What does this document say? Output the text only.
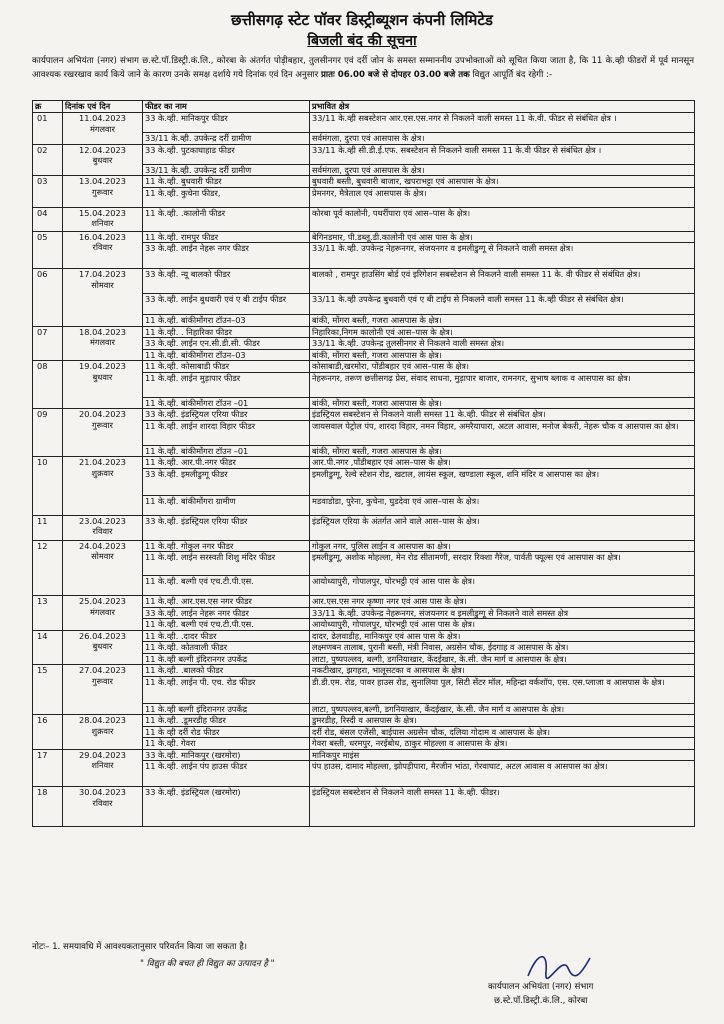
छत्तीसगढ़ स्टेट पॉवर डिस्ट्रीब्यूशन कंपनी लिमिटेड
बिजली बंद की सूचना
कार्यपालन अभियंता (नगर) संभाग छ.स्टे.पॉ.डिस्ट्री.कं.लि., कोरबा के अंतर्गत पोड़ीबहार, तुलसीनगर एवं दर्री जोन के समस्त सम्माननीय उपभोक्ताओं को सूचित किया जाता है, कि 11 के.व्ही फीडरों में पूर्व मानसून आवश्यक रखरखाव कार्य किये जाने के कारण उनके समक्ष दर्शाये गये दिनांक एवं दिन अनुसार प्रातः 06.00 बजे से दोपहर 03.00 बजे तक विद्युत आपूर्ति बंद रहेगी :-
क्र	दिनांक एवं दिन	फीडर का नाम	प्रभावित क्षेत्र
01	11.04.2023
मंगलवार	33 के.व्ही. मानिकपुर फीडर	33/11 के.व्ही सबस्टेशन आर.एस.एस.नगर से निकलने वाली समस्त 11 के.वी. फीडर से संबंधित क्षेत्र ।
		33/11 के.व्ही. उपकेन्द्र दर्री ग्रामीण	सर्वमंगला, दुरपा एवं आसपास के क्षेत्र।
02	12.04.2023
बुधवार	33 के.व्ही. पुटकाघाहाड फीडर	33/11 के.व्ही सी.डी.ई.एफ. सबस्टेशन से निकलने वाली समस्त 11 के.वी फीडर से संबंधित क्षेत्र ।
		33/11 के.व्ही. उपकेन्द्र दर्री ग्रामीण	सर्वमंगला, दुरपा एवं आसपास के क्षेत्र।
03	13.04.2023
गुरूवार	11 के.व्ही. बुधवारी फीडर	बुधवारी बस्ती, बुधवारी बाजार, खपराभट्टा एवं आसपास के क्षेत्र।
		11 के.व्ही. कुचेना फीडर,	प्रेमनगर, मैत्रेताल एवं आसपास के क्षेत्र।
04	15.04.2023
शनिवार	11 के.व्ही. .कालोनी फीडर	कोरबा पूर्व कालोनी, पथर्रीपारा एवं आस–पास के क्षेत्र।
05	16.04.2023
रविवार	11 के.व्ही. रामपुर फीडर	बेगिनडमार, पी.डब्लू.डी.कालोनी एवं आस पास के क्षेत्र।
		33 के.व्ही. लाईन नेहरू नगर फीडर	33/11 के.व्ही. उपकेन्द्र नेहरूनगर, संजयनगर व इमलीडुग्गू से निकलने वाली समस्त क्षेत्र।
06	17.04.2023
सोमवार	33 के.व्ही. न्यू बालको फीडर	बालको , रामपुर हाउसिंग बोर्ड एवं इरिगेशन सबस्टेशन से निकलने वाली समस्त 11 के. वी फीडर से संबंधित क्षेत्र।
		33 के.व्ही. लाईन बुधवारी एवं ए बी टाईप फीडर	33/11 के.व्ही उपकेन्द्र बुधवारी एवं ए बी टाईप से निकलने वाली समस्त 11 के.व्ही फीडर से संबंधित क्षेत्र।
		11 के.व्ही. बांकीमोंगरा टॉउन–03	बांकी, मोंगरा बस्ती, गजरा आसपास के क्षेत्र।
07	18.04.2023
मंगलवार	11 के.व्ही. . निहारिका फीडर	निहारिका,निगम कालोनी एवं आस–पास के क्षेत्र।
		33 के.व्ही. लाईन एन.सी.डी.सी. फीडर	33/11 के.व्ही. उपकेन्द्र तुलसीनगर से निकलने वाली समस्त क्षेत्र।
		11 के.व्ही. बांकीमोंगरा टॉउन–03	बांकी, मोंगरा बस्ती, गजरा आसपास के क्षेत्र।
08	19.04.2023
बुधवार	11 के.व्ही. कोसाबाडी फीडर	कोसाबाडी,खरमोरा, पोंडीबहार एवं आस–पास के क्षेत्र।
		11 के.व्ही. लाईन मुड़ापार फीडर	नेहरूनगर, तरूण छत्तीसगढ़ प्रेस, संवाद साधना, मुड़ापार बाजार, रामनगर, सुभाष ब्लाक व आसपास का क्षेत्र।
		11 के.व्ही. बांकीमोंगरा टॉउन –01	बांकी, मोंगरा बस्ती, गजरा आसपास के क्षेत्र।
09	20.04.2023
गुरूवार	33 के.व्ही. इंडस्ट्रियल एरिया फीडर	इंडस्ट्रियल सबस्टेशन से निकलने वाली समस्त 11 के.व्ही. फीडर से संबंधित क्षेत्र।
		11 के.व्ही. लाईन शारदा विहार फीडर	जायसवाल पेट्रोल पंप, शारदा विहार, नमन विहार, अमरैयापारा, अटल आवास, मनोज बेकरी, नेहरू चौक व आसपास का क्षेत्र।
		11 के.व्ही. बांकीमोंगरा टॉउन –01	बांकी, मोंगरा बस्ती, गजरा आसपास के क्षेत्र।
10	21.04.2023
शुक्रवार	11 के.व्ही. आर.पी.नगर फीडर	आर.पी.नगर ,पोंडीबहार एवं आस–पास के क्षेत्र।
		33 के.व्ही. इमलीडुग्गू फीडर	इमलीडुग्गू, रेल्वे स्टेशन रोड, खटाल, लायंस स्कूल, खण्डाला स्कूल, शनि मंदिर व आसपास का क्षेत्र।
		11 के.व्ही. बांकीमोंगरा ग्रामीण	मडवाडोडा, पुरेना, कुचेना, घुडदेवा एवं आस–पास के क्षेत्र।
11	23.04.2023
रविवार	33 के.व्ही. इंडस्ट्रियल एरिया फीडर	इंडस्ट्रियल एरिया के अंतर्गत आने वाले आस–पास के क्षेत्र।
12	24.04.2023
सोमवार	11 के.व्ही. गोकुल नगर फीडर	गोकुल नगर, पुलिस लाईन व आसपास का क्षेत्र।
		11 के.व्ही. लाईन सरस्वती शिशु मंदिर फीडर	इमलीडुग्गू, अशोक मोहल्ला, मेन रोड सीतामणी, सरदार रिक्शा गैरेज, पार्वती फ्यूल्स एवं आसपास का क्षेत्र।
		11 के.व्ही. बल्गी एवं एच.टी.पी.एस.	आयोध्यापुरी, गोपालपुर, घोरभट्ठी एवं आस पास के क्षेत्र।
13	25.04.2023
मंगलवार	11 के.व्ही. आर.एस.एस नगर फीडर	आर.एस.एस नगर कृष्णा नगर एवं आस पास के क्षेत्र।
		33 के.व्ही. लाईन नेहरू नगर फीडर	33/11 के.व्ही. उपकेन्द्र नेहरूनगर, संजयनगर व इमलीडुग्गू से निकलने वाले समस्त क्षेत्र
		11 के.व्ही. बल्गी एवं एच.टी.पी.एस.	आयोध्यापुरी, गोपालपुर, घोरभट्ठी एवं आस पास के क्षेत्र।
14	26.04.2023
बुधवार	11 के.व्ही. .दादर फीडर	दादर, ढेलवाडीह, मानिकपुर एवं आस पास के क्षेत्र।
		11 के.व्ही. कोतवाली फीडर	लक्ष्मणबन तालाब, पुरानी बस्ती, मंत्री निवास, अग्रसेन चौक, ईदगाह व आसपास के क्षेत्र।
		11 के.व्ही बल्गी इंदिरानगर उपकेंद्र	लाटा, पुष्पपल्लव, बल्गी, डगनियाखार, केंदईखार, के.सी. जैन मार्ग व आसपास के क्षेत्र।
15	27.04.2023
गुरूवार	11 के.व्ही. .बालको फीडर	नकटीखार, झगहरा, भालूसटका व आसपास के क्षेत्र।
		11 के.व्ही. लाईन पी. एच. रोड फीडर	डी.डी.एम. रोड, पावर हाउस रोड, सुनालिया पुल, सिटी सेंटर मॉल, महिन्द्रा वर्कशॉप, एस. एस.प्लाजा व आसपास के क्षेत्र।
		11 के.व्ही बल्गी इंदिरानगर उपकेंद्र	लाटा, पुष्पपल्लव,बल्गी, डगनियाखार, केंदईखार, के.सी. जैन मार्ग व आसपास के क्षेत्र।
16	28.04.2023
शुक्रवार	11 के.व्ही. .डूमरडीह फीडर	डुमरडीह, रिस्दी व आसपास के क्षेत्र।
		11 के व्ही दर्री रोड फीडर	दर्री रोड, बंसल एजेंसी, बाईपास अग्रसेन चौक, दलिया गोदाम व आसपास के क्षेत्र।
		11 के.व्ही. गेवरा	गेवरा बस्ती, धरमपुर, नरईबोध, ठाकुर मोहल्ला व आसपास के क्षेत्र।
17	29.04.2023
शनिवार	33 के.व्ही. मानिकपुर (खरमोरा)	मानिकपुर माइंस
		11 के.व्ही. लाईन पंप हाउस फीडर	पंप हाउस, दामाद मोहल्ला, झोपड़ीपारा, मैरजीन भांठा, गेरवाघाट, अटल आवास व आसपास का क्षेत्र।
18	30.04.2023
रविवार	33 के.व्ही. इंडस्ट्रियल (खरमोरा)	इंडस्ट्रियल सबस्टेशन से निकलने वाली समस्त 11 के.व्ही. फीडर।
नोटः– 1. समयावधि में आवश्यकतानुसार परिवर्तन किया जा सकता है।
" विद्युत की बचत ही विद्युत का उत्पादन है "
कार्यपालन अभियंता (नगर) संभाग
छ.स्टे.पॉ.डिस्ट्री.कं.लि., कोरबा
